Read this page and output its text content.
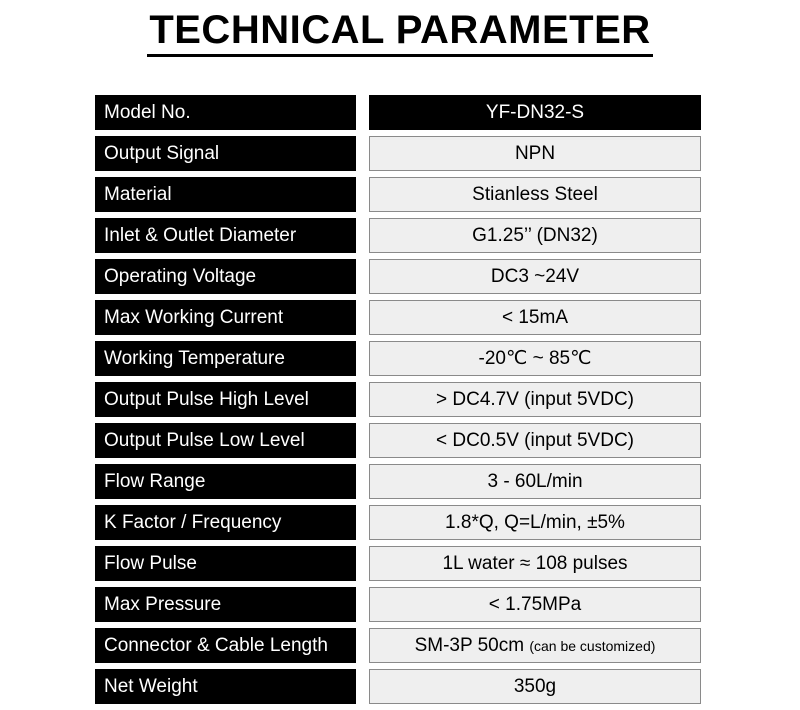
TECHNICAL PARAMETER
Model No.	YF-DN32-S
Output Signal	NPN
Material	Stianless Steel
Inlet & Outlet Diameter	G1.25’’ (DN32)
Operating Voltage	DC3 ~24V
Max Working Current	< 15mA
Working Temperature	-20℃ ~ 85℃
Output Pulse High Level	> DC4.7V (input 5VDC)
Output Pulse Low Level	< DC0.5V (input 5VDC)
Flow Range	3 - 60L/min
K Factor / Frequency	1.8*Q, Q=L/min, ±5%
Flow Pulse	1L water ≈ 108 pulses
Max Pressure	< 1.75MPa
Connector & Cable Length	SM-3P 50cm (can be customized)
Net Weight	350g
